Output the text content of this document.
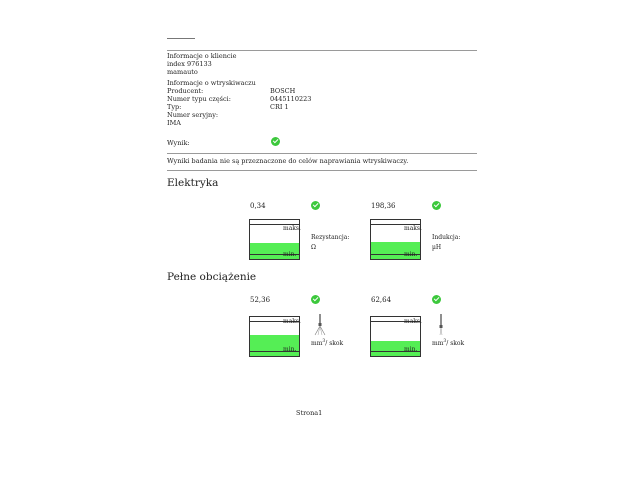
Informacje o kliencie
index 976133
mamauto
Informacje o wtryskiwaczu
Producent:	BOSCH
Numer typu części:	0445110223
Typ:	CRI 1
Numer seryjny:
IMA
Wynik:
Wyniki badania nie są przeznaczone do celów naprawiania wtryskiwaczy.
Elektryka
0,34
maks.
min.
Rezystancja:
Ω
198,36
maks.
min.
Indukcja:
µH
Pełne obciążenie
52,36
maks.
min.
$mm^3/$ skok
62,64
maks.
min.
$mm^3/$ skok
Strona1
